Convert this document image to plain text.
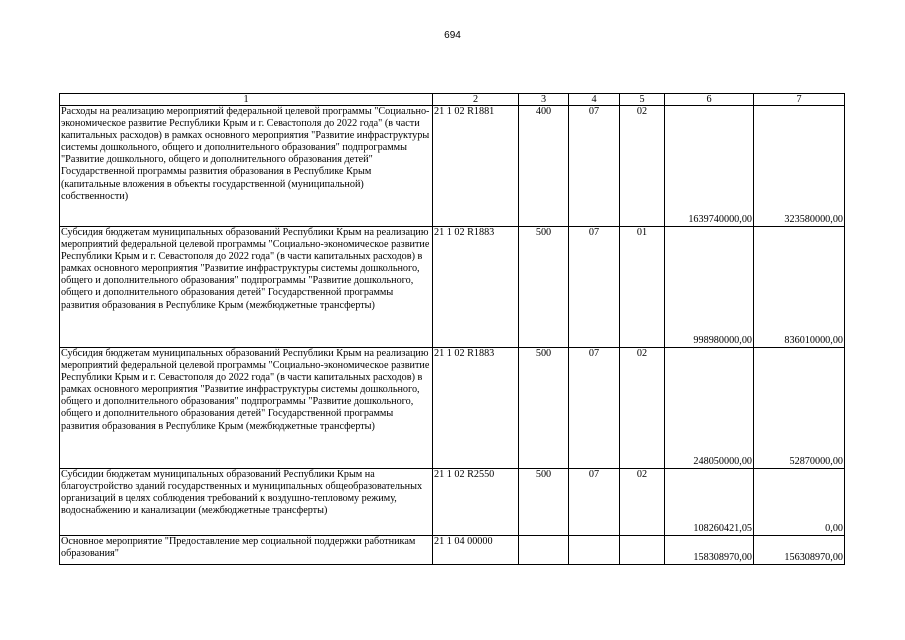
694
1	2	3	4	5	6	7
Расходы на реализацию мероприятий федеральной целевой программы "Социально-экономическое развитие Республики Крым и г. Севастополя до 2022 года" (в части капитальных расходов) в рамках основного мероприятия "Развитие инфраструктуры системы дошкольного, общего и дополнительного образования" подпрограммы "Развитие дошкольного, общего и дополнительного образования детей" Государственной программы развития образования в Республике Крым (капитальные вложения в объекты государственной (муниципальной) собственности)	21 1 02 R1881	400	07	02	1639740000,00	323580000,00
Субсидия бюджетам муниципальных образований Республики Крым на реализацию мероприятий федеральной целевой программы "Социально-экономическое развитие Республики Крым и г. Севастополя до 2022 года" (в части капитальных расходов) в рамках основного мероприятия "Развитие инфраструктуры системы дошкольного, общего и дополнительного образования" подпрограммы "Развитие дошкольного, общего и дополнительного образования детей" Государственной программы развития образования в Республике Крым (межбюджетные трансферты)	21 1 02 R1883	500	07	01	998980000,00	836010000,00
Субсидия бюджетам муниципальных образований Республики Крым на реализацию мероприятий федеральной целевой программы "Социально-экономическое развитие Республики Крым и г. Севастополя до 2022 года" (в части капитальных расходов) в рамках основного мероприятия "Развитие инфраструктуры системы дошкольного, общего и дополнительного образования" подпрограммы "Развитие дошкольного, общего и дополнительного образования детей" Государственной программы развития образования в Республике Крым (межбюджетные трансферты)	21 1 02 R1883	500	07	02	248050000,00	52870000,00
Субсидии бюджетам муниципальных образований Республики Крым на благоустройство зданий государственных и муниципальных общеобразовательных организаций в целях соблюдения требований к воздушно-тепловому режиму, водоснабжению и канализации (межбюджетные трансферты)	21 1 02 R2550	500	07	02	108260421,05	0,00
Основное мероприятие "Предоставление мер социальной поддержки работникам образования"	21 1 04 00000				158308970,00	156308970,00
